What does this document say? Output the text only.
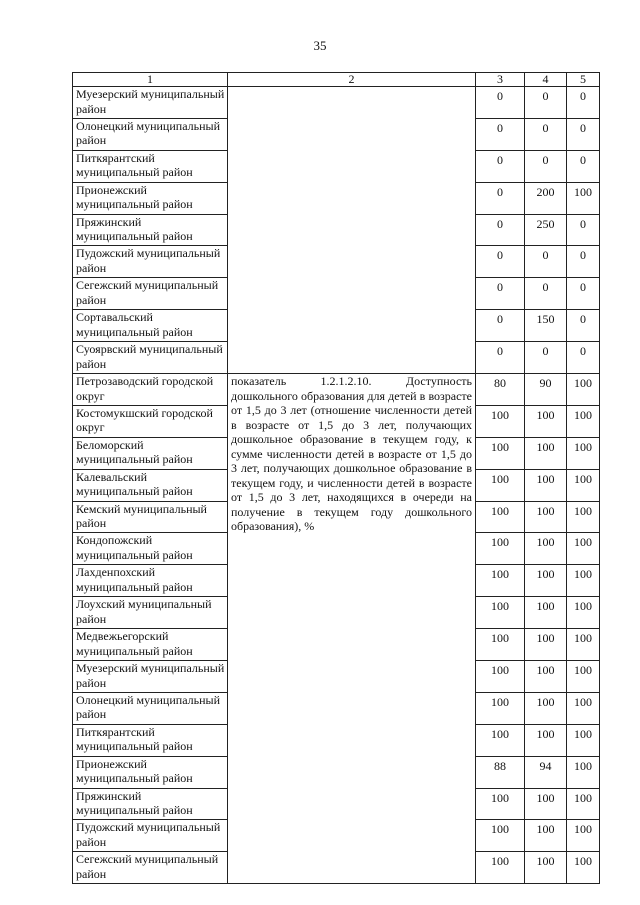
35
1	2	3	4	5
Муезерский муниципальный район		0	0	0
Олонецкий муниципальный район		0	0	0
Питкярантский муниципальный район		0	0	0
Прионежский муниципальный район		0	200	100
Пряжинский муниципальный район		0	250	0
Пудожский муниципальный район		0	0	0
Сегежский муниципальный район		0	0	0
Сортавальский муниципальный район		0	150	0
Суоярвский муниципальный район		0	0	0
Петрозаводский городской округ	показатель 1.2.1.2.10. Доступность дошкольного образования для детей в возрасте от 1,5 до 3 лет (отношение численности детей в возрасте от 1,5 до 3 лет, получающих дошкольное образование в текущем году, к сумме численности детей в возрасте от 1,5 до 3 лет, получающих дошкольное образование в текущем году, и численности детей в возрасте от 1,5 до 3 лет, находящихся в очереди на получение в текущем году дошкольного образования), %	80	90	100
Костомукшский городской округ		100	100	100
Беломорский муниципальный район		100	100	100
Калевальский муниципальный район		100	100	100
Кемский муниципальный район		100	100	100
Кондопожский муниципальный район		100	100	100
Лахденпохский муниципальный район		100	100	100
Лоухский муниципальный район		100	100	100
Медвежьегорский муниципальный район		100	100	100
Муезерский муниципальный район		100	100	100
Олонецкий муниципальный район		100	100	100
Питкярантский муниципальный район		100	100	100
Прионежский муниципальный район		88	94	100
Пряжинский муниципальный район		100	100	100
Пудожский муниципальный район		100	100	100
Сегежский муниципальный район		100	100	100
